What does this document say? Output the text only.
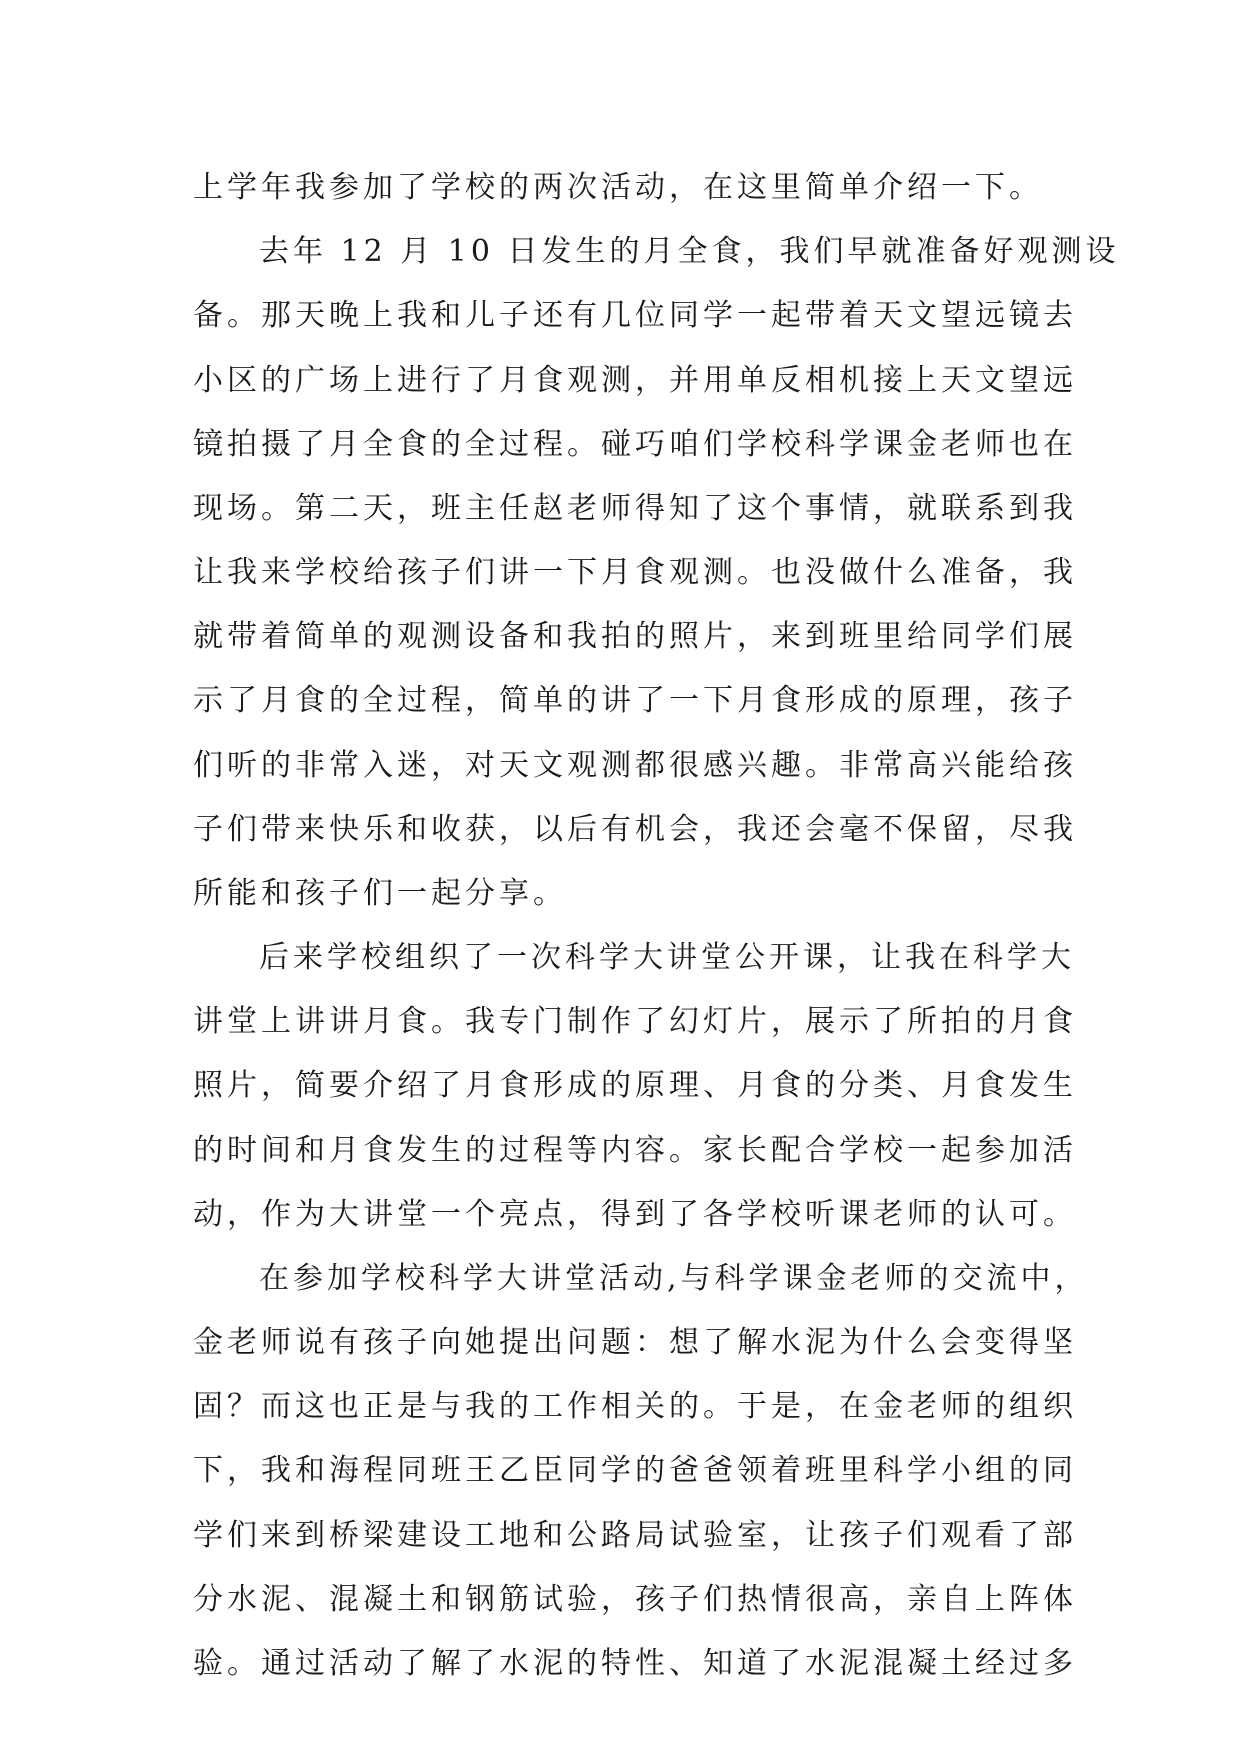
上学年我参加了学校的两次活动，在这里简单介绍一下。

去年 12 月 10 日发生的月全食，我们早就准备好观测设

备。那天晚上我和儿子还有几位同学一起带着天文望远镜去

小区的广场上进行了月食观测，并用单反相机接上天文望远

镜拍摄了月全食的全过程。碰巧咱们学校科学课金老师也在

现场。第二天，班主任赵老师得知了这个事情，就联系到我

让我来学校给孩子们讲一下月食观测。也没做什么准备，我

就带着简单的观测设备和我拍的照片，来到班里给同学们展

示了月食的全过程，简单的讲了一下月食形成的原理，孩子

们听的非常入迷，对天文观测都很感兴趣。非常高兴能给孩

子们带来快乐和收获，以后有机会，我还会毫不保留，尽我

所能和孩子们一起分享。

后来学校组织了一次科学大讲堂公开课，让我在科学大

讲堂上讲讲月食。我专门制作了幻灯片，展示了所拍的月食

照片，简要介绍了月食形成的原理、月食的分类、月食发生

的时间和月食发生的过程等内容。家长配合学校一起参加活

动，作为大讲堂一个亮点，得到了各学校听课老师的认可。

在参加学校科学大讲堂活动,与科学课金老师的交流中，

金老师说有孩子向她提出问题：想了解水泥为什么会变得坚

固？而这也正是与我的工作相关的。于是，在金老师的组织

下，我和海程同班王乙臣同学的爸爸领着班里科学小组的同

学们来到桥梁建设工地和公路局试验室，让孩子们观看了部

分水泥、混凝土和钢筋试验，孩子们热情很高，亲自上阵体

验。通过活动了解了水泥的特性、知道了水泥混凝土经过多
